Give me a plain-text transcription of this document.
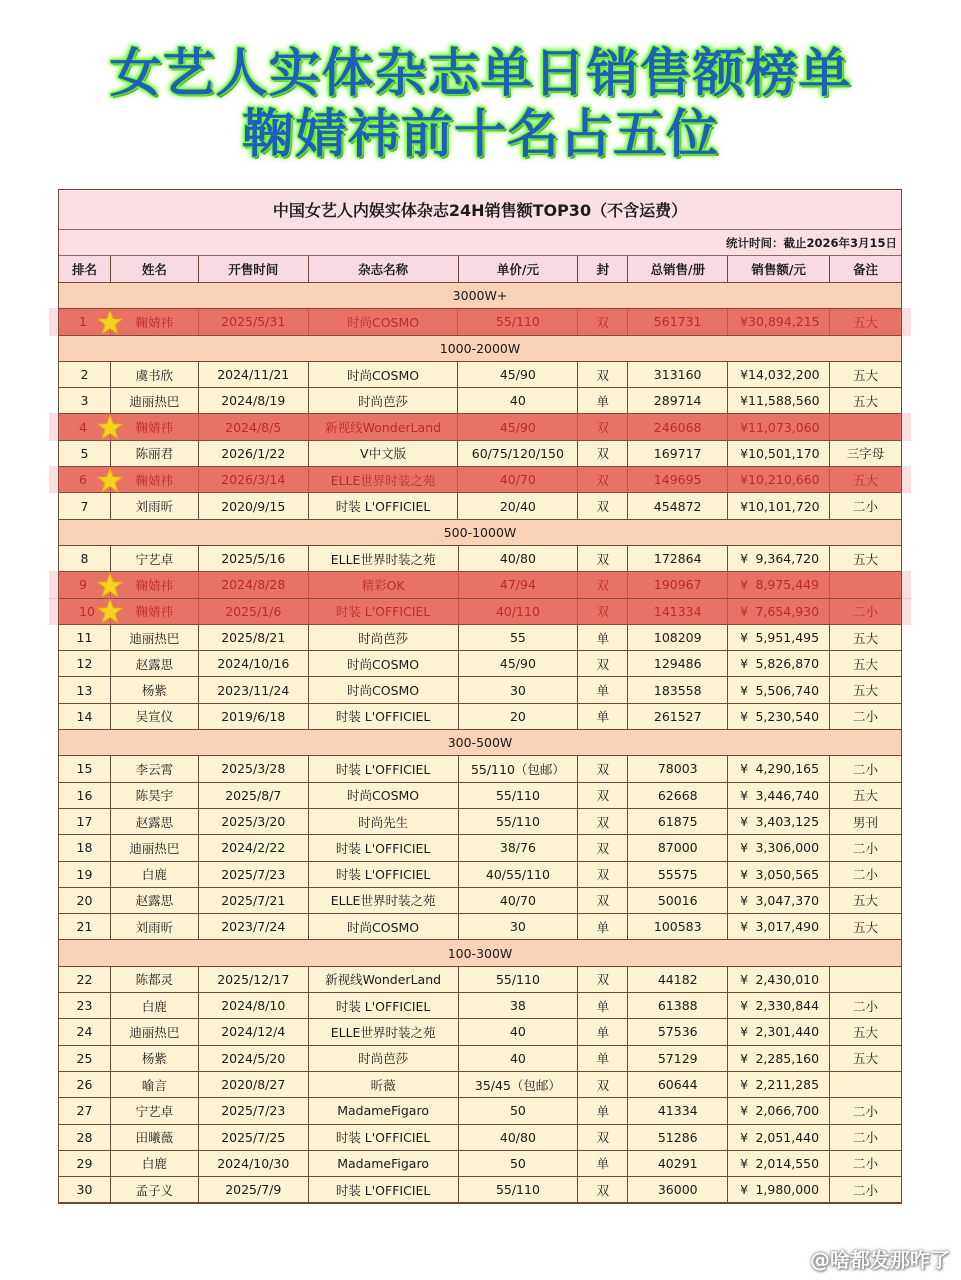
女艺人实体杂志单日销售额榜单
鞠婧祎前十名占五位
中国女艺人内娱实体杂志24H销售额TOP30（不含运费）
统计时间：截止2026年3月15日
排名	姓名	开售时间	杂志名称	单价/元	封	总销售/册	销售额/元	备注
3000W+
1	鞠婧祎	2025/5/31	时尚COSMO	55/110	双	561731	¥ 30,894,215	五大
1000-2000W
2	虞书欣	2024/11/21	时尚COSMO	45/90	双	313160	¥ 14,032,200	五大
3	迪丽热巴	2024/8/19	时尚芭莎	40	单	289714	¥ 11,588,560	五大
4	鞠婧祎	2024/8/5	新视线WonderLand	45/90	双	246068	¥ 11,073,060
5	陈丽君	2026/1/22	V中文版	60/75/120/150	双	169717	¥ 10,501,170	三字母
6	鞠婧祎	2026/3/14	ELLE世界时装之苑	40/70	双	149695	¥ 10,210,660	五大
7	刘雨昕	2020/9/15	时装 L'OFFICIEL	20/40	双	454872	¥ 10,101,720	二小
500-1000W
8	宁艺卓	2025/5/16	ELLE世界时装之苑	40/80	双	172864	¥ 9,364,720	五大
9	鞠婧祎	2024/8/28	精彩OK	47/94	双	190967	¥ 8,975,449
10	鞠婧祎	2025/1/6	时装 L'OFFICIEL	40/110	双	141334	¥ 7,654,930	二小
11	迪丽热巴	2025/8/21	时尚芭莎	55	单	108209	¥ 5,951,495	五大
12	赵露思	2024/10/16	时尚COSMO	45/90	双	129486	¥ 5,826,870	五大
13	杨紫	2023/11/24	时尚COSMO	30	单	183558	¥ 5,506,740	五大
14	吴宣仪	2019/6/18	时装 L'OFFICIEL	20	单	261527	¥ 5,230,540	二小
300-500W
15	李云霄	2025/3/28	时装 L'OFFICIEL	55/110（包邮）	双	78003	¥ 4,290,165	二小
16	陈昊宇	2025/8/7	时尚COSMO	55/110	双	62668	¥ 3,446,740	五大
17	赵露思	2025/3/20	时尚先生	55/110	双	61875	¥ 3,403,125	男刊
18	迪丽热巴	2024/2/22	时装 L'OFFICIEL	38/76	双	87000	¥ 3,306,000	二小
19	白鹿	2025/7/23	时装 L'OFFICIEL	40/55/110	双	55575	¥ 3,050,565	二小
20	赵露思	2025/7/21	ELLE世界时装之苑	40/70	双	50016	¥ 3,047,370	五大
21	刘雨昕	2023/7/24	时尚COSMO	30	单	100583	¥ 3,017,490	五大
100-300W
22	陈都灵	2025/12/17	新视线WonderLand	55/110	双	44182	¥ 2,430,010
23	白鹿	2024/8/10	时装 L'OFFICIEL	38	单	61388	¥ 2,330,844	二小
24	迪丽热巴	2024/12/4	ELLE世界时装之苑	40	单	57536	¥ 2,301,440	五大
25	杨紫	2024/5/20	时尚芭莎	40	单	57129	¥ 2,285,160	五大
26	喻言	2020/8/27	昕薇	35/45（包邮）	双	60644	¥ 2,211,285
27	宁艺卓	2025/7/23	MadameFigaro	50	单	41334	¥ 2,066,700	二小
28	田曦薇	2025/7/25	时装 L'OFFICIEL	40/80	双	51286	¥ 2,051,440	二小
29	白鹿	2024/10/30	MadameFigaro	50	单	40291	¥ 2,014,550	二小
30	孟子义	2025/7/9	时装 L'OFFICIEL	55/110	双	36000	¥ 1,980,000	二小
@啥都发那咋了
